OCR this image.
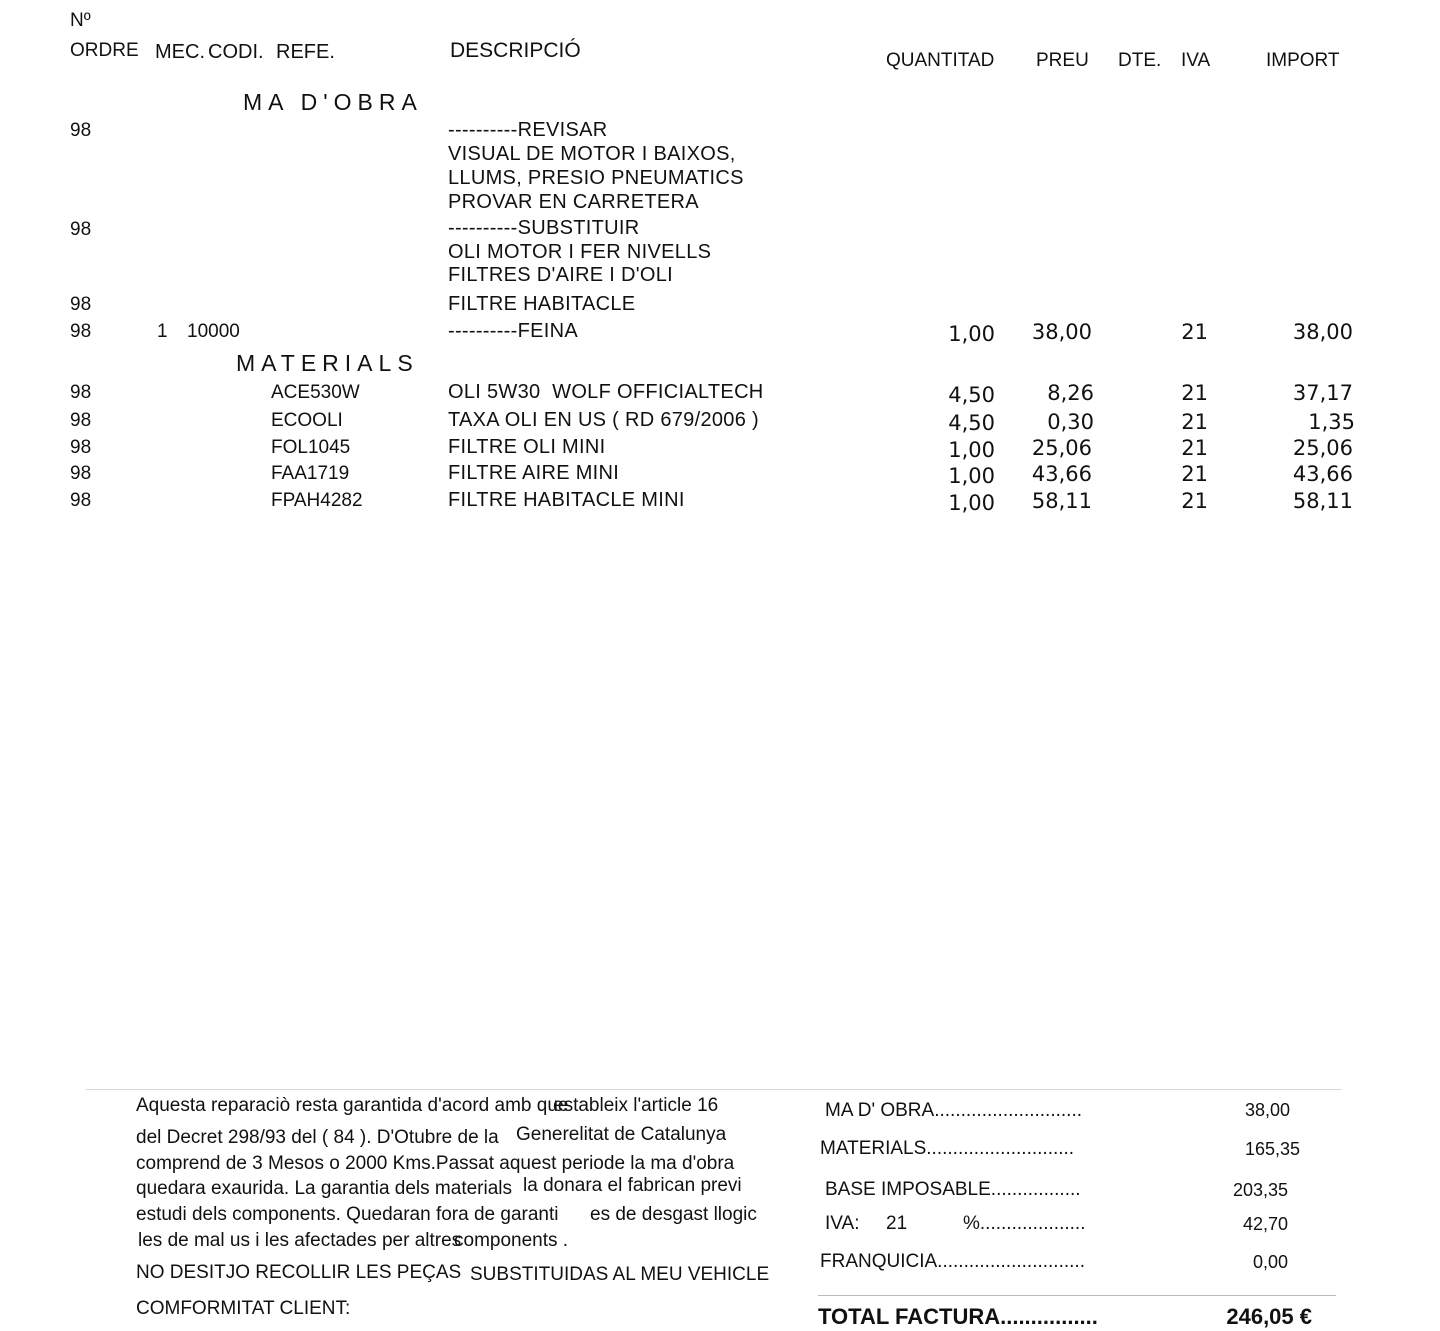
Nº
ORDRE MEC. CODI. REFE.	DESCRIPCIÓ	QUANTITAD PREU DTE. IVA	IMPORT
MA D'OBRA
98	----------REVISAR
VISUAL DE MOTOR I BAIXOS,
LLUMS, PRESIO PNEUMATICS
PROVAR EN CARRETERA
98	----------SUBSTITUIR
OLI MOTOR I FER NIVELLS
FILTRES D'AIRE I D'OLI
98	FILTRE HABITACLE
98	1 10000	----------FEINA	1,00	38,00	21	38,00
MATERIALS
98	ACE530W	OLI 5W30  WOLF OFFICIALTECH	4,50	8,26	21	37,17
98	ECOOLI	TAXA OLI EN US ( RD 679/2006 )	4,50	0,30	21	1,35
98	FOL1045	FILTRE OLI MINI	1,00	25,06	21	25,06
98	FAA1719	FILTRE AIRE MINI	1,00	43,66	21	43,66
98	FPAH4282	FILTRE HABITACLE MINI	1,00	58,11	21	58,11
Aquesta reparaciò resta garantida d'acord amb que
estableix l'article 16
del Decret 298/93 del ( 84 ). D'Otubre de la Generelitat de Catalunya
comprend de 3 Mesos o 2000 Kms.Passat aquest periode la ma d'obra
quedara exaurida. La garantia dels materials la donara el fabrican previ
estudi dels components. Quedaran fora de garanti es de desgast llogic
les de mal us i les afectades per altres
components .
NO DESITJO RECOLLIR LES PEÇAS SUBSTITUIDAS AL MEU VEHICLE
COMFORMITAT CLIENT:
MA D' OBRA............................	38,00
MATERIALS............................	165,35
BASE IMPOSABLE.................	203,35
IVA: 21	%....................	42,70
FRANQUICIA............................	0,00
TOTAL FACTURA................	246,05 €
